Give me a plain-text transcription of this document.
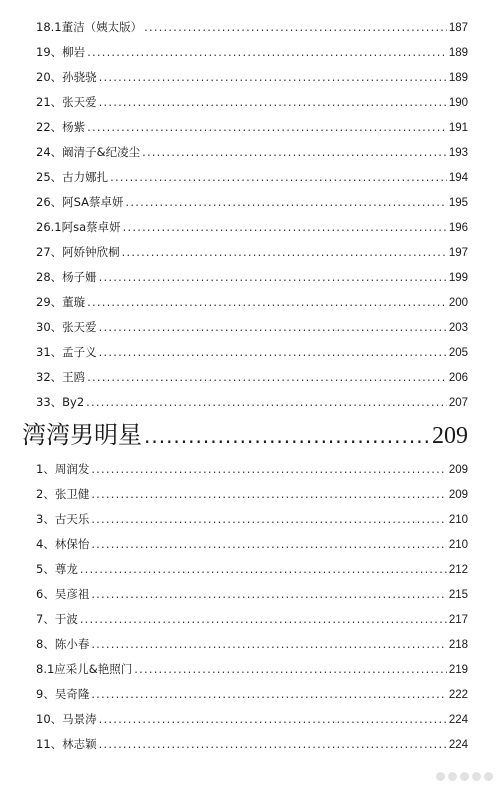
18.1董洁（姨太版） .....	187
19、柳岩 .....	189
20、孙骁骁 .....	189
21、张天爱 .....	190
22、杨紫 .....	191
24、阚清子&纪凌尘 .....	193
25、古力娜扎 .....	194
26、阿SA蔡卓妍 .....	195
26.1阿sa蔡卓妍 .....	196
27、阿娇钟欣桐 .....	197
28、杨子姗 .....	199
29、董璇 .....	200
30、张天爱 .....	203
31、孟子义 .....	205
32、王鸥 .....	206
33、By2 .....	207
湾湾男明星 .....	209
1、周润发 .....	209
2、张卫健 .....	209
3、古天乐 .....	210
4、林保怡 .....	210
5、尊龙 .....	212
6、吴彦祖 .....	215
7、于波 .....	217
8、陈小春 .....	218
8.1应采儿&艳照门 .....	219
9、吴奇隆 .....	222
10、马景涛 .....	224
11、林志颖 .....	224
